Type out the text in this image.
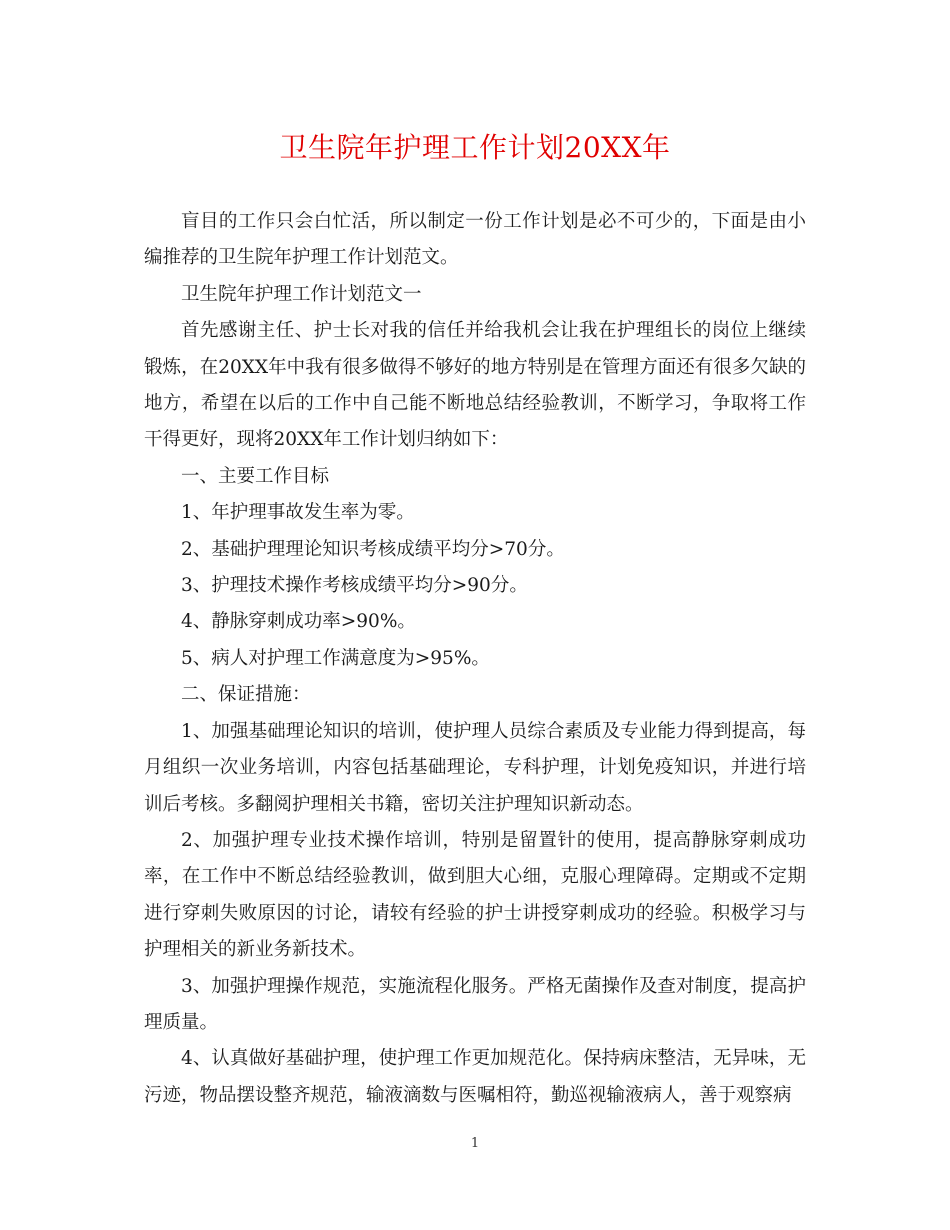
卫生院年护理工作计划20XX年

盲目的工作只会白忙活，所以制定一份工作计划是必不可少的，下面是由小编推荐的卫生院年护理工作计划范文。

卫生院年护理工作计划范文一

首先感谢主任、护士长对我的信任并给我机会让我在护理组长的岗位上继续锻炼，在20XX年中我有很多做得不够好的地方特别是在管理方面还有很多欠缺的地方，希望在以后的工作中自己能不断地总结经验教训，不断学习，争取将工作干得更好，现将20XX年工作计划归纳如下：

一、主要工作目标

1、年护理事故发生率为零。

2、基础护理理论知识考核成绩平均分>70分。

3、护理技术操作考核成绩平均分>90分。

4、静脉穿刺成功率>90%。

5、病人对护理工作满意度为>95%。

二、保证措施：

1、加强基础理论知识的培训，使护理人员综合素质及专业能力得到提高，每月组织一次业务培训，内容包括基础理论，专科护理，计划免疫知识，并进行培训后考核。多翻阅护理相关书籍，密切关注护理知识新动态。

2、加强护理专业技术操作培训，特别是留置针的使用，提高静脉穿刺成功率，在工作中不断总结经验教训，做到胆大心细，克服心理障碍。定期或不定期进行穿刺失败原因的讨论，请较有经验的护士讲授穿刺成功的经验。积极学习与护理相关的新业务新技术。

3、加强护理操作规范，实施流程化服务。严格无菌操作及查对制度，提高护理质量。

4、认真做好基础护理，使护理工作更加规范化。保持病床整洁，无异味，无污迹，物品摆设整齐规范，输液滴数与医嘱相符，勤巡视输液病人，善于观察病

1
